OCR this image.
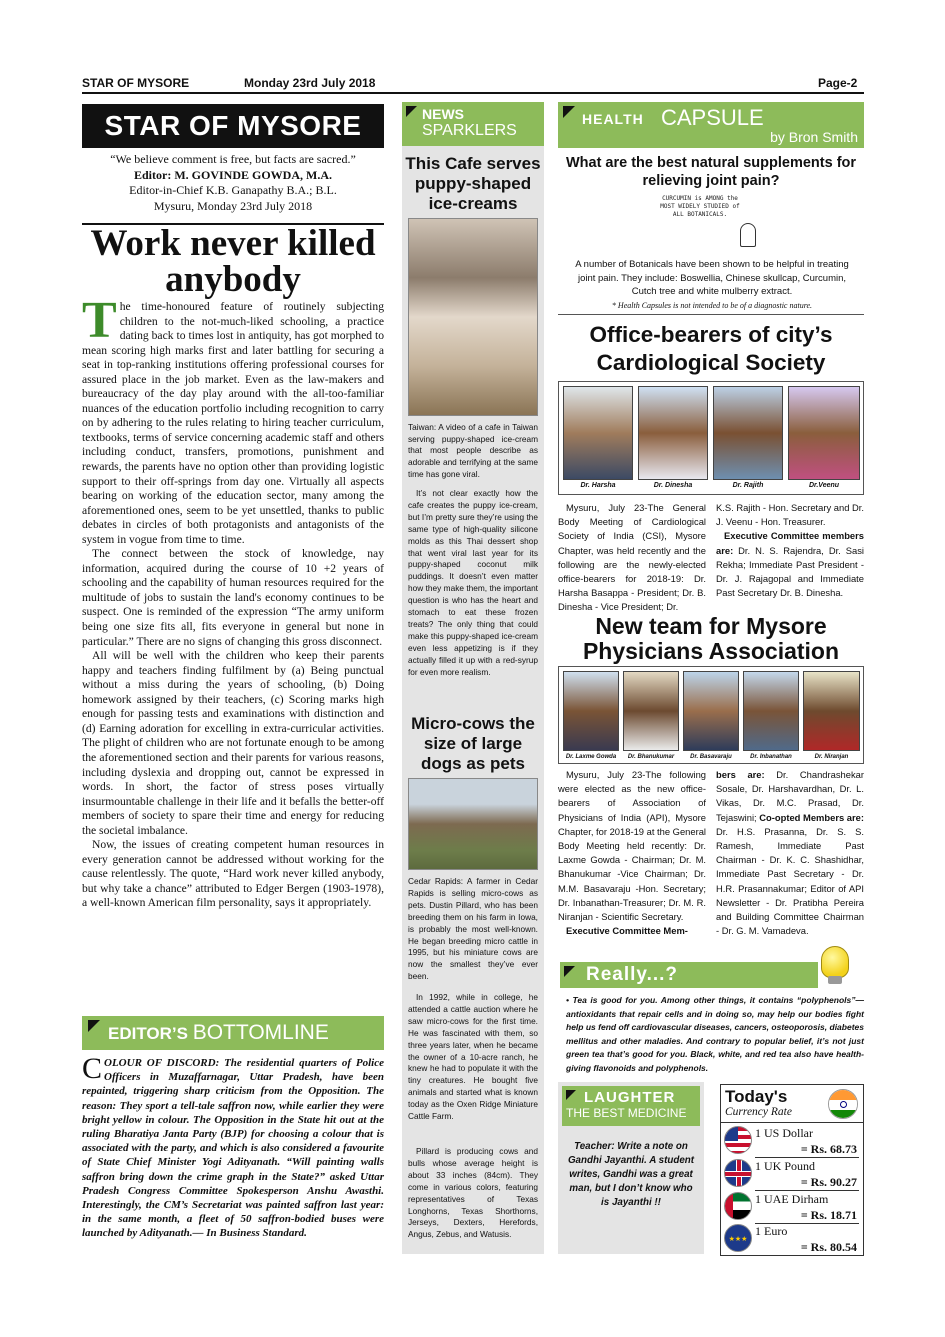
STAR OF MYSORE	Monday 23rd July 2018	Page-2
STAR OF MYSORE
“We believe comment is free, but facts are sacred.”
Editor: M. GOVINDE GOWDA, M.A.
Editor-in-Chief K.B. Ganapathy B.A.; B.L.
Mysuru, Monday 23rd July 2018
Work never killed anybody

The time-honoured feature of routinely subjecting children to the not-much-liked schooling, a practice dating back to times lost in antiquity, has got morphed to mean scoring high marks first and later battling for securing a seat in top-ranking institutions offering professional courses for assured place in the job market. Even as the law-makers and bureaucracy of the day play around with the all-too-familiar nuances of the education portfolio including recognition to carry on by adhering to the rules relating to hiring teacher curriculum, textbooks, terms of service concerning academic staff and others including conduct, transfers, promotions, punishment and rewards, the parents have no option other than providing logistic support to their off-springs from day one. Virtually all aspects bearing on working of the education sector, many among the aforementioned ones, seem to be yet unsettled, thanks to public debates in circles of both protagonists and antagonists of the system in vogue from time to time.

The connect between the stock of knowledge, nay information, acquired during the course of 10 +2 years of schooling and the capability of human resources required for the multitude of jobs to sustain the land's economy continues to be suspect. One is reminded of the expression “The army uniform being one size fits all, fits everyone in general but none in particular.” There are no signs of changing this gross disconnect.

All will be well with the children who keep their parents happy and teachers finding fulfilment by (a) Being punctual without a miss during the years of schooling, (b) Doing homework assigned by their teachers, (c) Scoring marks high enough for passing tests and examinations with distinction and (d) Earning adoration for excelling in extra-curricular activities. The plight of children who are not fortunate enough to be among the aforementioned section and their parents for various reasons, including dyslexia and dropping out, cannot be expressed in words. In short, the factor of stress poses virtually insurmountable challenge in their life and it befalls the better-off members of society to spare their time and energy for reducing the societal imbalance.

Now, the issues of creating competent human resources in every generation cannot be addressed without working for the cause relentlessly. The quote, “Hard work never killed anybody, but why take a chance” attributed to Edger Bergen (1903-1978), a well-known American film personality, says it appropriately.

EDITOR’S BOTTOMLINE
COLOUR OF DISCORD: The residential quarters of Police Officers in Muzaffarnagar, Uttar Pradesh, have been repainted, triggering sharp criticism from the Opposition. The reason: They sport a tell-tale saffron now, while earlier they were bright yellow in colour. The Opposition in the State hit out at the ruling Bharatiya Janta Party (BJP) for choosing a colour that is associated with the party, and which is also considered a favourite of State Chief Minister Yogi Adityanath. “Will painting walls saffron bring down the crime graph in the State?” asked Uttar Pradesh Congress Committee Spokesperson Anshu Awasthi. Interestingly, the CM’s Secretariat was painted saffron last year: in the same month, a fleet of 50 saffron-bodied buses were launched by Adityanath.— In Business Standard.
NEWS
SPARKLERS
This Cafe serves puppy-shaped ice-creams
Taiwan: A video of a cafe in Taiwan serving puppy-shaped ice-cream that most people describe as adorable and terrifying at the same time has gone viral.
It’s not clear exactly how the cafe creates the puppy ice-cream, but I’m pretty sure they’re using the same type of high-quality silicone molds as this Thai dessert shop that went viral last year for its puppy-shaped coconut milk puddings. It doesn’t even matter how they make them, the important question is who has the heart and stomach to eat these frozen treats? The only thing that could make this puppy-shaped ice-cream even less appetizing is if they actually filled it up with a red-syrup for even more realism.
Micro-cows the size of large dogs as pets
Cedar Rapids: A farmer in Cedar Rapids is selling micro-cows as pets. Dustin Pillard, who has been breeding them on his farm in Iowa, is probably the most well-known. He began breeding micro cattle in 1995, but his miniature cows are now the smallest they’ve ever been.
In 1992, while in college, he attended a cattle auction where he saw micro-cows for the first time. He was fascinated with them, so three years later, when he became the owner of a 10-acre ranch, he knew he had to populate it with the tiny creatures. He bought five animals and started what is known today as the Oxen Ridge Miniature Cattle Farm.
Pillard is producing cows and bulls whose average height is about 33 inches (84cm). They come in various colors, featuring representatives of Texas Longhorns, Texas Shorthorns, Jerseys, Dexters, Herefords, Angus, Zebus, and Watusis.
HEALTH CAPSULE
by Bron Smith
What are the best natural supplements for relieving joint pain?
CURCUMIN is AMONG the MOST WIDELY STUDIED of ALL BOTANICALS.
A number of Botanicals have been shown to be helpful in treating joint pain. They include: Boswellia, Chinese skullcap, Curcumin, Cutch tree and white mulberry extract.
* Health Capsules is not intended to be of a diagnostic nature.
Office-bearers of city’s Cardiological Society
Dr. Harsha	Dr. Dinesha	Dr. Rajith	Dr.Veenu
Mysuru, July 23-The General Body Meeting of Cardiological Society of India (CSI), Mysore Chapter, was held recently and the following are the newly-elected office-bearers for 2018-19: Dr. Harsha Basappa - President; Dr. B. Dinesha - Vice President; Dr.
K.S. Rajith - Hon. Secretary and Dr. J. Veenu - Hon. Treasurer.
Executive Committee members are: Dr. N. S. Rajendra, Dr. Sasi Rekha; Immediate Past President - Dr. J. Rajagopal and Immediate Past Secretary Dr. B. Dinesha.
New team for Mysore
Physicians Association
Dr. Laxme Gowda	Dr. Bhanukumar	Dr. Basavaraju	Dr. Inbanathan	Dr. Niranjan
Mysuru, July 23-The following were elected as the new office-bearers of Association of Physicians of India (API), Mysore Chapter, for 2018-19 at the General Body Meeting held recently: Dr. Laxme Gowda - Chairman; Dr. M. Bhanukumar -Vice Chairman; Dr. M.M. Basavaraju -Hon. Secretary; Dr. Inbanathan-Treasurer; Dr. M. R. Niranjan - Scientific Secretary.
Executive Committee Mem-
bers are: Dr. Chandrashekar Sosale, Dr. Harshavardhan, Dr. L. Vikas, Dr. M.C. Prasad, Dr. Tejaswini; Co-opted Members are: Dr. H.S. Prasanna, Dr. S. S. Ramesh, Immediate Past Chairman - Dr. K. C. Shashidhar, Immediate Past Secretary - Dr. H.R. Prasannakumar; Editor of API Newsletter - Dr. Pratibha Pereira and Building Committee Chairman - Dr. G. M. Vamadeva.
Really...?
• Tea is good for you. Among other things, it contains “polyphenols”—antioxidants that repair cells and in doing so, may help our bodies fight help us fend off cardiovascular diseases, cancers, osteoporosis, diabetes mellitus and other maladies. And contrary to popular belief, it’s not just green tea that’s good for you. Black, white, and red tea also have health-giving flavonoids and polyphenols.
LAUGHTER
THE BEST MEDICINE
Teacher: Write a note on Gandhi Jayanthi. A student writes, Gandhi was a great man, but I don’t know who is Jayanthi !!
Today's
Currency Rate
1 US Dollar
= Rs. 68.73
1 UK Pound
= Rs. 90.27
1 UAE Dirham
= Rs. 18.71
★★★
1 Euro
= Rs. 80.54
